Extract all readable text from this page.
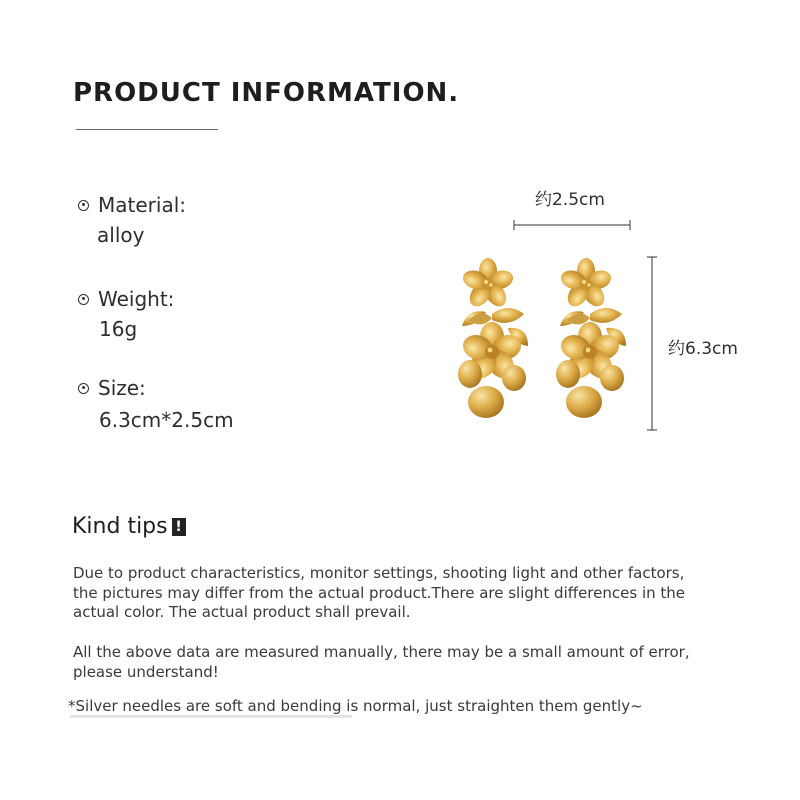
PRODUCT INFORMATION.
Material:
alloy
Weight:
16g
Size:
6.3cm*2.5cm
约2.5cm
约6.3cm
Kind tips !
Due to product characteristics, monitor settings, shooting light and other factors, the pictures may differ from the actual product.There are slight differences in the actual color. The actual product shall prevail.
All the above data are measured manually, there may be a small amount of error, please understand!
*Silver needles are soft and bending is normal, just straighten them gently~
